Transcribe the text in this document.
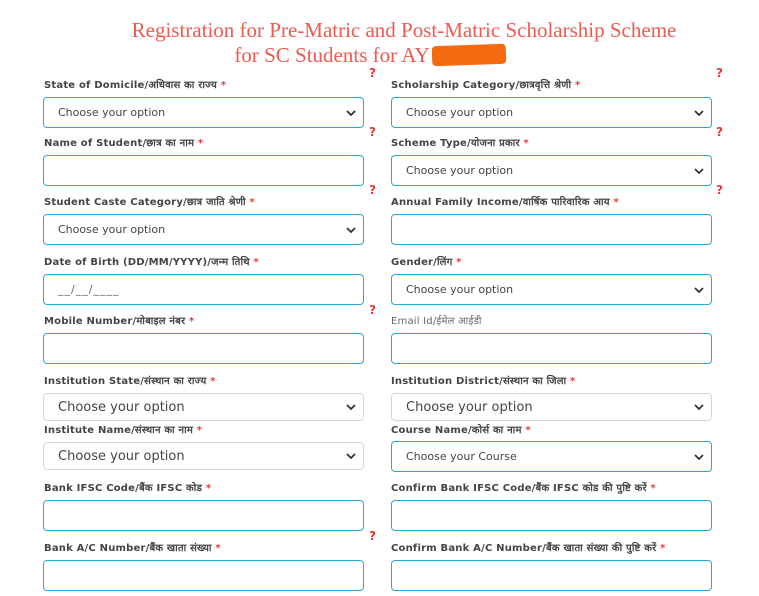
Registration for Pre-Matric and Post-Matric Scholarship Scheme
for SC Students for AY
State of Domicile/अधिवास का राज्य *
?
Choose your option
Scholarship Category/छात्रवृत्ति श्रेणी *
?
Choose your option
Name of Student/छात्र का नाम *
?
Scheme Type/योजना प्रकार *
?
Choose your option
Student Caste Category/छात्र जाति श्रेणी *
?
Choose your option
Annual Family Income/वार्षिक पारिवारिक आय *
?
Date of Birth (DD/MM/YYYY)/जन्म तिथि *
__/__/____
Gender/लिंग *
Choose your option
Mobile Number/मोबाइल नंबर *
?
Email Id/ईमेल आईडी
Institution State/संस्थान का राज्य *
Choose your option
Institution District/संस्थान का जिला *
Choose your option
Institute Name/संस्थान का नाम *
Choose your option
Course Name/कोर्स का नाम *
Choose your Course
Bank IFSC Code/बैंक IFSC कोड *	Confirm Bank IFSC Code/बैंक IFSC कोड की पुष्टि करें *
Bank A/C Number/बैंक खाता संख्या *
?
Confirm Bank A/C Number/बैंक खाता संख्या की पुष्टि करें *
